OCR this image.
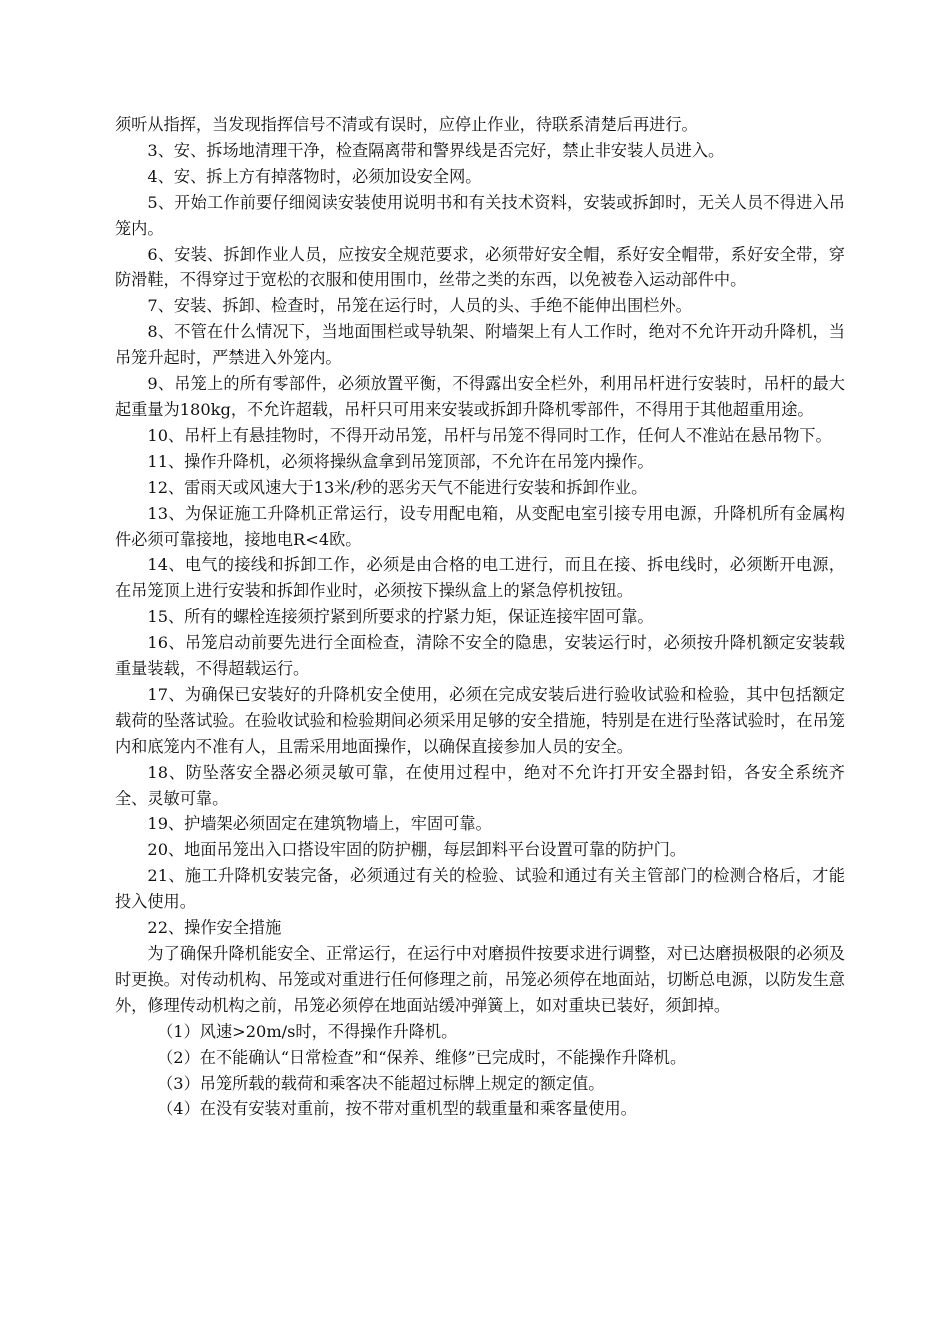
须听从指挥，当发现指挥信号不清或有误时，应停止作业，待联系清楚后再进行。

3、安、拆场地清理干净，检查隔离带和警界线是否完好，禁止非安装人员进入。

4、安、拆上方有掉落物时，必须加设安全网。

5、开始工作前要仔细阅读安装使用说明书和有关技术资料，安装或拆卸时，无关人员不得进入吊笼内。

6、安装、拆卸作业人员，应按安全规范要求，必须带好安全帽，系好安全帽带，系好安全带，穿防滑鞋，不得穿过于宽松的衣服和使用围巾，丝带之类的东西，以免被卷入运动部件中。

7、安装、拆卸、检查时，吊笼在运行时，人员的头、手绝不能伸出围栏外。

8、不管在什么情况下，当地面围栏或导轨架、附墙架上有人工作时，绝对不允许开动升降机，当吊笼升起时，严禁进入外笼内。

9、吊笼上的所有零部件，必须放置平衡，不得露出安全栏外，利用吊杆进行安装时，吊杆的最大起重量为180kg，不允许超载，吊杆只可用来安装或拆卸升降机零部件，不得用于其他超重用途。

10、吊杆上有悬挂物时，不得开动吊笼，吊杆与吊笼不得同时工作，任何人不准站在悬吊物下。

11、操作升降机，必须将操纵盒拿到吊笼顶部，不允许在吊笼内操作。

12、雷雨天或风速大于13米/秒的恶劣天气不能进行安装和拆卸作业。

13、为保证施工升降机正常运行，设专用配电箱，从变配电室引接专用电源，升降机所有金属构件必须可靠接地，接地电R<4欧。

14、电气的接线和拆卸工作，必须是由合格的电工进行，而且在接、拆电线时，必须断开电源，在吊笼顶上进行安装和拆卸作业时，必须按下操纵盒上的紧急停机按钮。

15、所有的螺栓连接须拧紧到所要求的拧紧力矩，保证连接牢固可靠。

16、吊笼启动前要先进行全面检查，清除不安全的隐患，安装运行时，必须按升降机额定安装载重量装载，不得超载运行。

17、为确保已安装好的升降机安全使用，必须在完成安装后进行验收试验和检验，其中包括额定载荷的坠落试验。在验收试验和检验期间必须采用足够的安全措施，特别是在进行坠落试验时，在吊笼内和底笼内不准有人，且需采用地面操作，以确保直接参加人员的安全。

18、防坠落安全器必须灵敏可靠，在使用过程中，绝对不允许打开安全器封铅，各安全系统齐全、灵敏可靠。

19、护墙架必须固定在建筑物墙上，牢固可靠。

20、地面吊笼出入口搭设牢固的防护棚，每层卸料平台设置可靠的防护门。

21、施工升降机安装完备，必须通过有关的检验、试验和通过有关主管部门的检测合格后，才能投入使用。

22、操作安全措施

为了确保升降机能安全、正常运行，在运行中对磨损件按要求进行调整，对已达磨损极限的必须及时更换。对传动机构、吊笼或对重进行任何修理之前，吊笼必须停在地面站，切断总电源，以防发生意外，修理传动机构之前，吊笼必须停在地面站缓冲弹簧上，如对重块已装好，须卸掉。

（1）风速>20m/s时，不得操作升降机。

（2）在不能确认“日常检查”和“保养、维修”已完成时，不能操作升降机。

（3）吊笼所载的载荷和乘客决不能超过标牌上规定的额定值。

（4）在没有安装对重前，按不带对重机型的载重量和乘客量使用。
